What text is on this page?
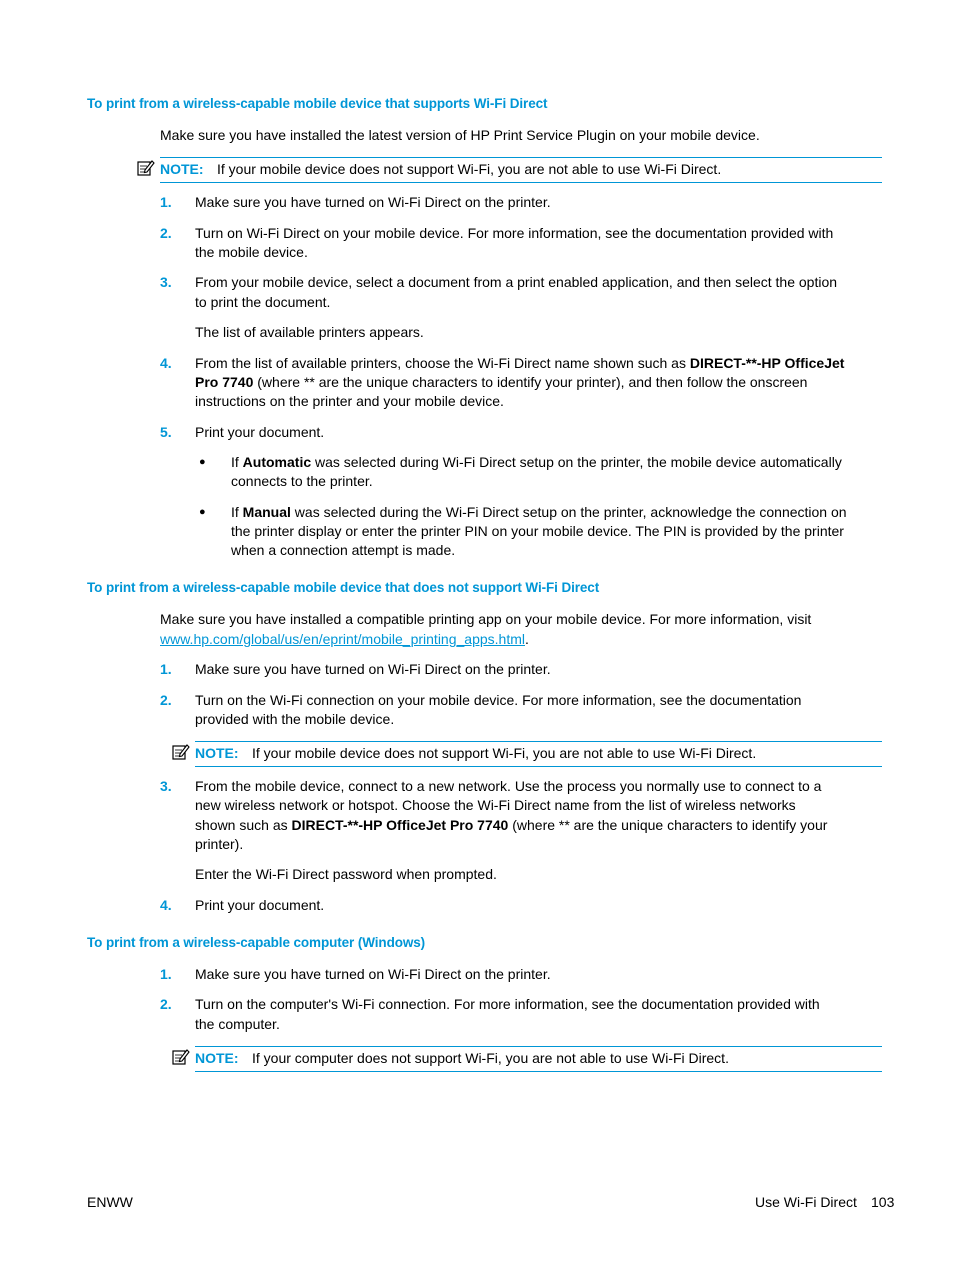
To print from a wireless-capable mobile device that supports Wi-Fi Direct
Make sure you have installed the latest version of HP Print Service Plugin on your mobile device.
NOTE: If your mobile device does not support Wi-Fi, you are not able to use Wi-Fi Direct.
1. Make sure you have turned on Wi-Fi Direct on the printer.
2. Turn on Wi-Fi Direct on your mobile device. For more information, see the documentation provided with
the mobile device.
3. From your mobile device, select a document from a print enabled application, and then select the option
to print the document.
The list of available printers appears.
4. From the list of available printers, choose the Wi-Fi Direct name shown such as DIRECT-**-HP OfficeJet
Pro 7740 (where ** are the unique characters to identify your printer), and then follow the onscreen
instructions on the printer and your mobile device.
5. Print your document.
● If Automatic was selected during Wi-Fi Direct setup on the printer, the mobile device automatically
connects to the printer.
● If Manual was selected during the Wi-Fi Direct setup on the printer, acknowledge the connection on
the printer display or enter the printer PIN on your mobile device. The PIN is provided by the printer
when a connection attempt is made.
To print from a wireless-capable mobile device that does not support Wi-Fi Direct
Make sure you have installed a compatible printing app on your mobile device. For more information, visit
www.hp.com/global/us/en/eprint/mobile_printing_apps.html.
1. Make sure you have turned on Wi-Fi Direct on the printer.
2. Turn on the Wi-Fi connection on your mobile device. For more information, see the documentation
provided with the mobile device.
NOTE: If your mobile device does not support Wi-Fi, you are not able to use Wi-Fi Direct.
3. From the mobile device, connect to a new network. Use the process you normally use to connect to a
new wireless network or hotspot. Choose the Wi-Fi Direct name from the list of wireless networks
shown such as DIRECT-**-HP OfficeJet Pro 7740 (where ** are the unique characters to identify your
printer).
Enter the Wi-Fi Direct password when prompted.
4. Print your document.
To print from a wireless-capable computer (Windows)
1. Make sure you have turned on Wi-Fi Direct on the printer.
2. Turn on the computer's Wi-Fi connection. For more information, see the documentation provided with
the computer.
NOTE: If your computer does not support Wi-Fi, you are not able to use Wi-Fi Direct.
ENWW	Use Wi-Fi Direct 103
